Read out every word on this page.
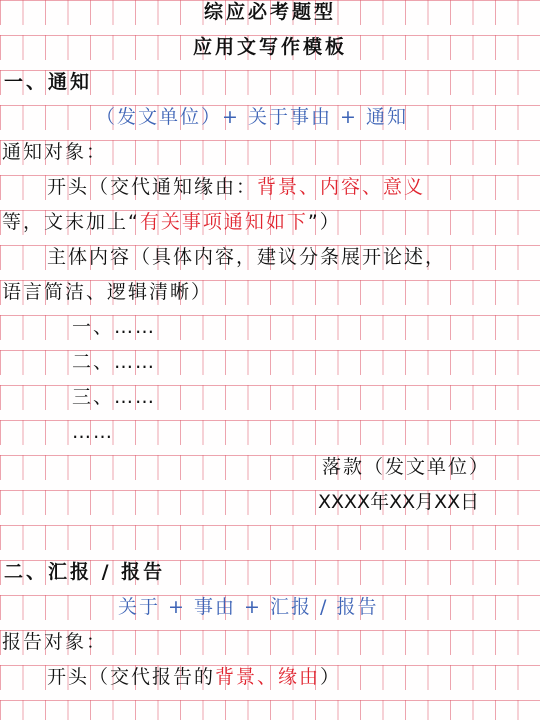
综应必考题型
应用文写作模板
一、通知
（发文单位）+ 关于事由 + 通知
通知对象：
开头（交代通知缘由：背景、内容、意义
等，文末加上“有关事项通知如下”）
主体内容（具体内容，建议分条展开论述，
语言简洁、逻辑清晰）
一、……
二、……
三、……
……
落款（发文单位）
XXXX年XX月XX日
二、汇报 / 报告
关于 + 事由 + 汇报 / 报告
报告对象：
开头（交代报告的背景、缘由）
